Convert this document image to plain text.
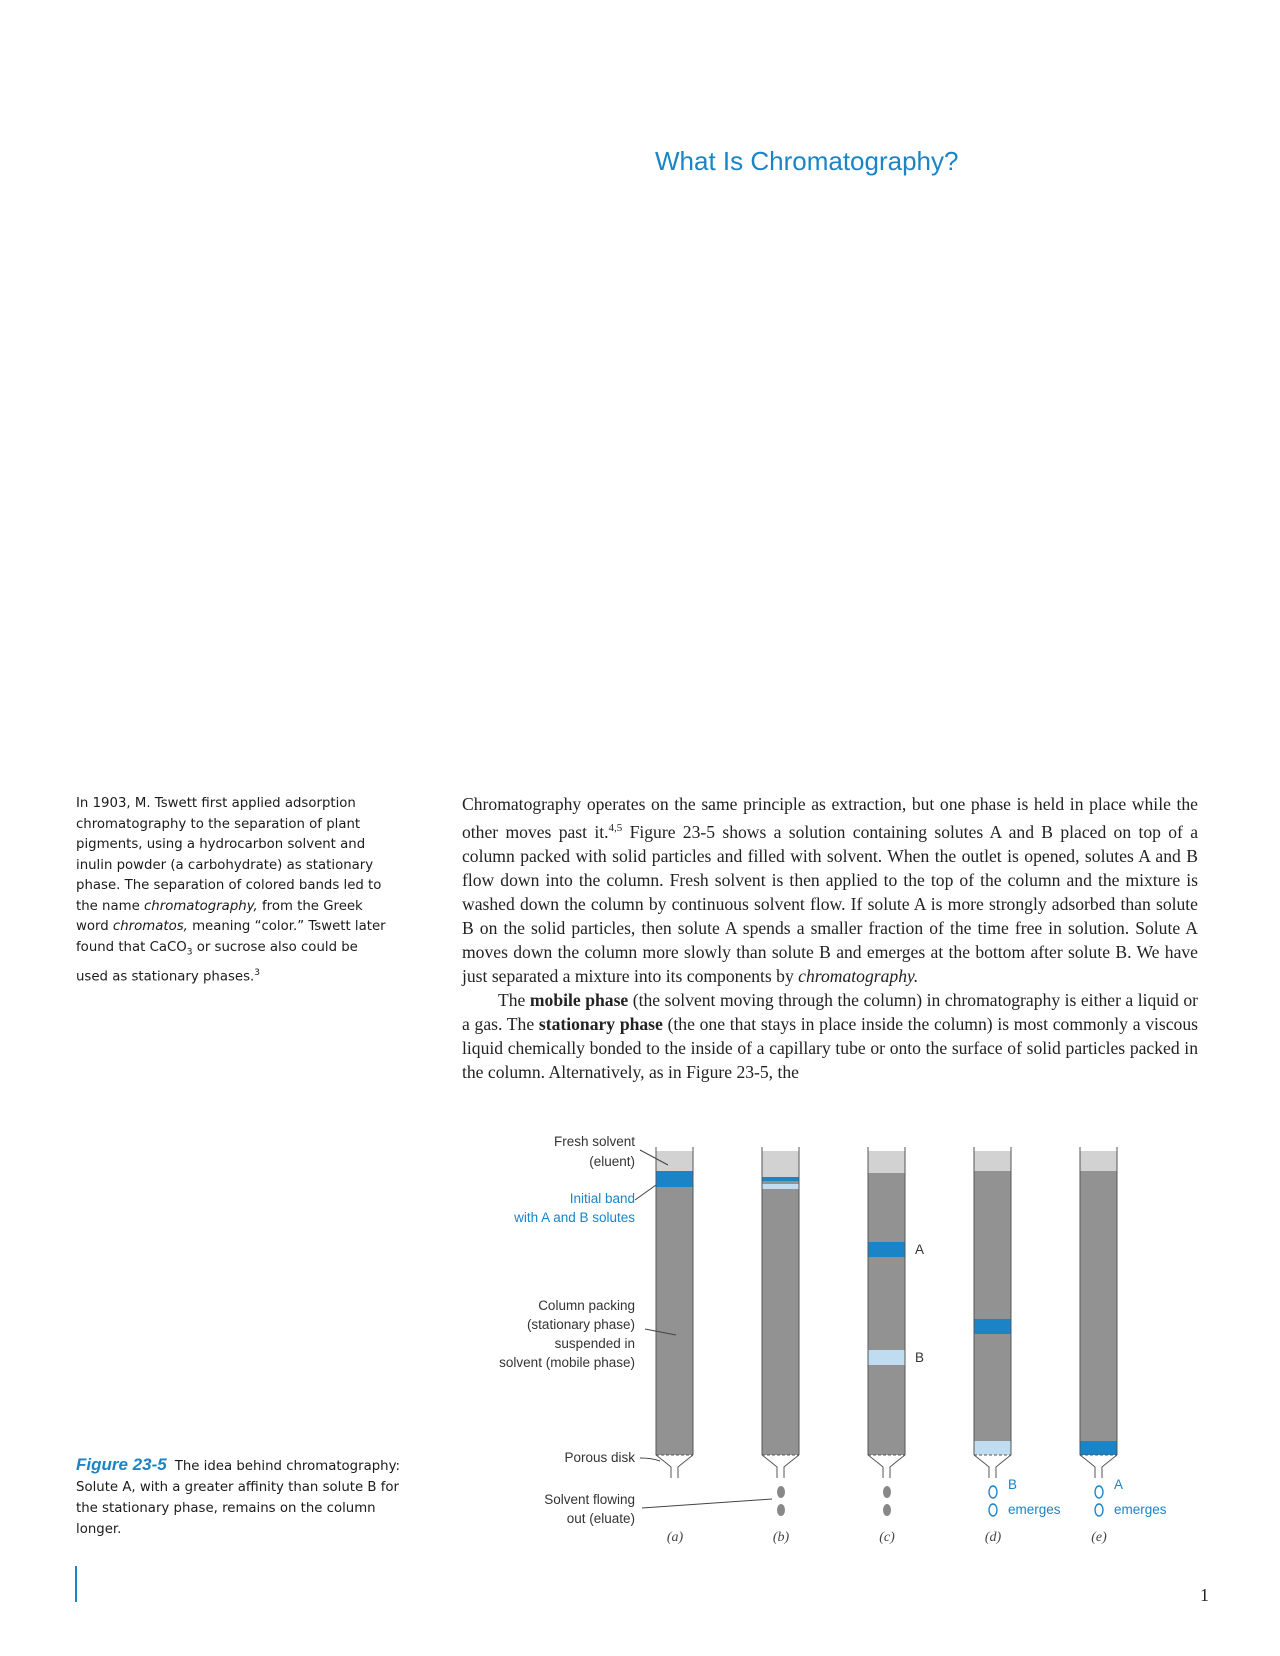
What Is Chromatography?

In 1903, M. Tswett first applied adsorption

chromatography to the separation of plant

pigments, using a hydrocarbon solvent and

inulin powder (a carbohydrate) as stationary

phase. The separation of colored bands led to

the name chromatography, from the Greek

word chromatos, meaning “color.” Tswett later

found that CaCO$_3$ or sucrose also could be

used as stationary phases.$^3$

Chromatography operates on the same principle as extraction, but one phase is held in place while the other moves past it.$^{4,5}$ Figure 23-5 shows a solution containing solutes A and B placed on top of a column packed with solid particles and filled with solvent. When the outlet is opened, solutes A and B flow down into the column. Fresh solvent is then applied to the top of the column and the mixture is washed down the column by continuous solvent flow. If solute A is more strongly adsorbed than solute B on the solid particles, then solute A spends a smaller fraction of the time free in solution. Solute A moves down the column more slowly than solute B and emerges at the bottom after solute B. We have just separated a mixture into its components by chromatography.

The mobile phase (the solvent moving through the column) in chromatography is either a liquid or a gas. The stationary phase (the one that stays in place inside the column) is most commonly a viscous liquid chemically bonded to the inside of a capillary tube or onto the surface of solid particles packed in the column. Alternatively, as in Figure 23-5, the

Fresh solvent
(eluent)
Initial band
with A and B solutes
Column packing
(stationary phase)
suspended in
solvent (mobile phase)
Porous disk
Solvent flowing
out (eluate)
A
B
B
emerges
A
emerges
(a)	(b)	(c)	(d)	(e)
Figure 23-5 The idea behind chromatography: Solute A, with a greater affinity than solute B for the stationary phase, remains on the column longer.
1
